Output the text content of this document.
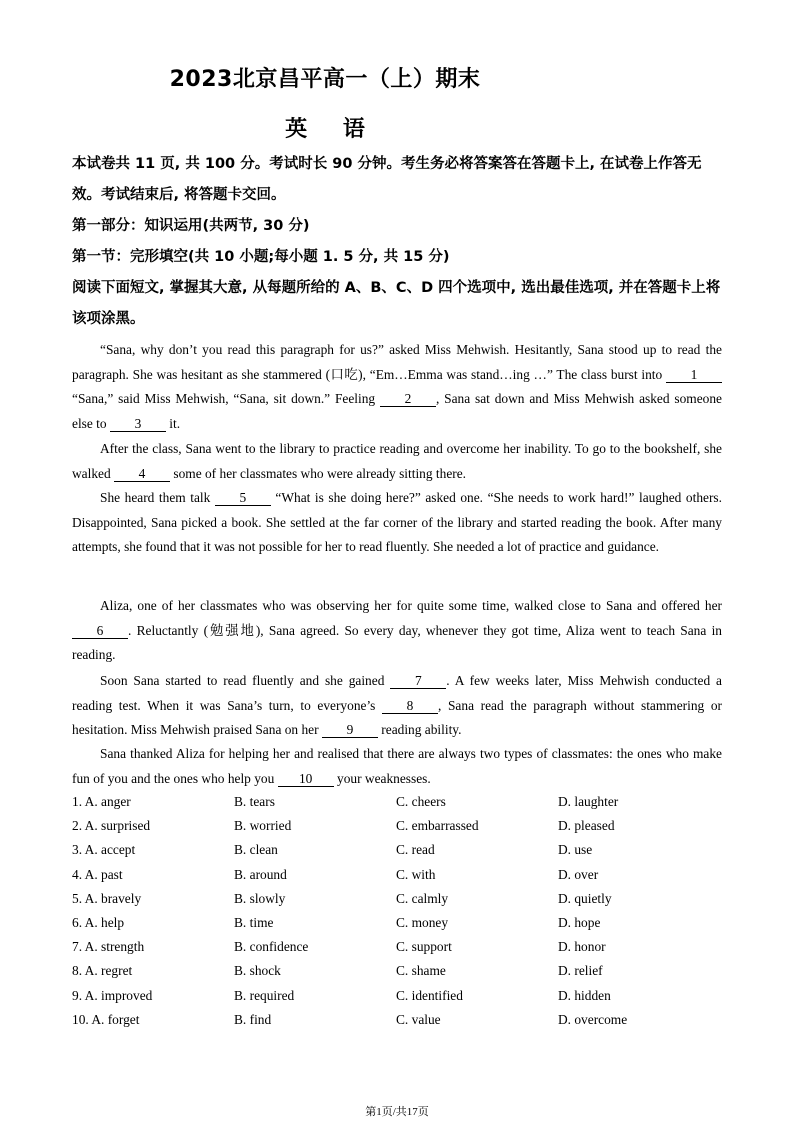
2023北京昌平高一（上）期末
英 语
本试卷共 11 页, 共 100 分。考试时长 90 分钟。考生务必将答案答在答题卡上, 在试卷上作答无效。考试结束后, 将答题卡交回。
第一部分：知识运用(共两节, 30 分)
第一节：完形填空(共 10 小题;每小题 1. 5 分, 共 15 分)
阅读下面短文, 掌握其大意, 从每题所给的 A、B、C、D 四个选项中, 选出最佳选项, 并在答题卡上将该项涂黑。
“Sana, why don’t you read this paragraph for us?” asked Miss Mehwish. Hesitantly, Sana stood up to read the paragraph. She was hesitant as she stammered (口吃), “Em…Emma was stand…ing …” The class burst into 1 “Sana,” said Miss Mehwish, “Sana, sit down.” Feeling 2 , Sana sat down and Miss Mehwish asked someone else to 3 it.
After the class, Sana went to the library to practice reading and overcome her inability. To go to the bookshelf, she walked 4 some of her classmates who were already sitting there.
She heard them talk 5 “What is she doing here?” asked one. “She needs to work hard!” laughed others. Disappointed, Sana picked a book. She settled at the far corner of the library and started reading the book. After many attempts, she found that it was not possible for her to read fluently. She needed a lot of practice and guidance.
Aliza, one of her classmates who was observing her for quite some time, walked close to Sana and offered her 6 . Reluctantly (勉强地), Sana agreed. So every day, whenever they got time, Aliza went to teach Sana in reading.
Soon Sana started to read fluently and she gained 7 . A few weeks later, Miss Mehwish conducted a reading test. When it was Sana’s turn, to everyone’s 8 , Sana read the paragraph without stammering or hesitation. Miss Mehwish praised Sana on her 9 reading ability.
Sana thanked Aliza for helping her and realised that there are always two types of classmates: the ones who make fun of you and the ones who help you 10 your weaknesses.
1. A. anger	B. tears	C. cheers	D. laughter
2. A. surprised	B. worried	C. embarrassed	D. pleased
3. A. accept	B. clean	C. read	D. use
4. A. past	B. around	C. with	D. over
5. A. bravely	B. slowly	C. calmly	D. quietly
6. A. help	B. time	C. money	D. hope
7. A. strength	B. confidence	C. support	D. honor
8. A. regret	B. shock	C. shame	D. relief
9. A. improved	B. required	C. identified	D. hidden
10. A. forget	B. find	C. value	D. overcome
第1页/共17页
